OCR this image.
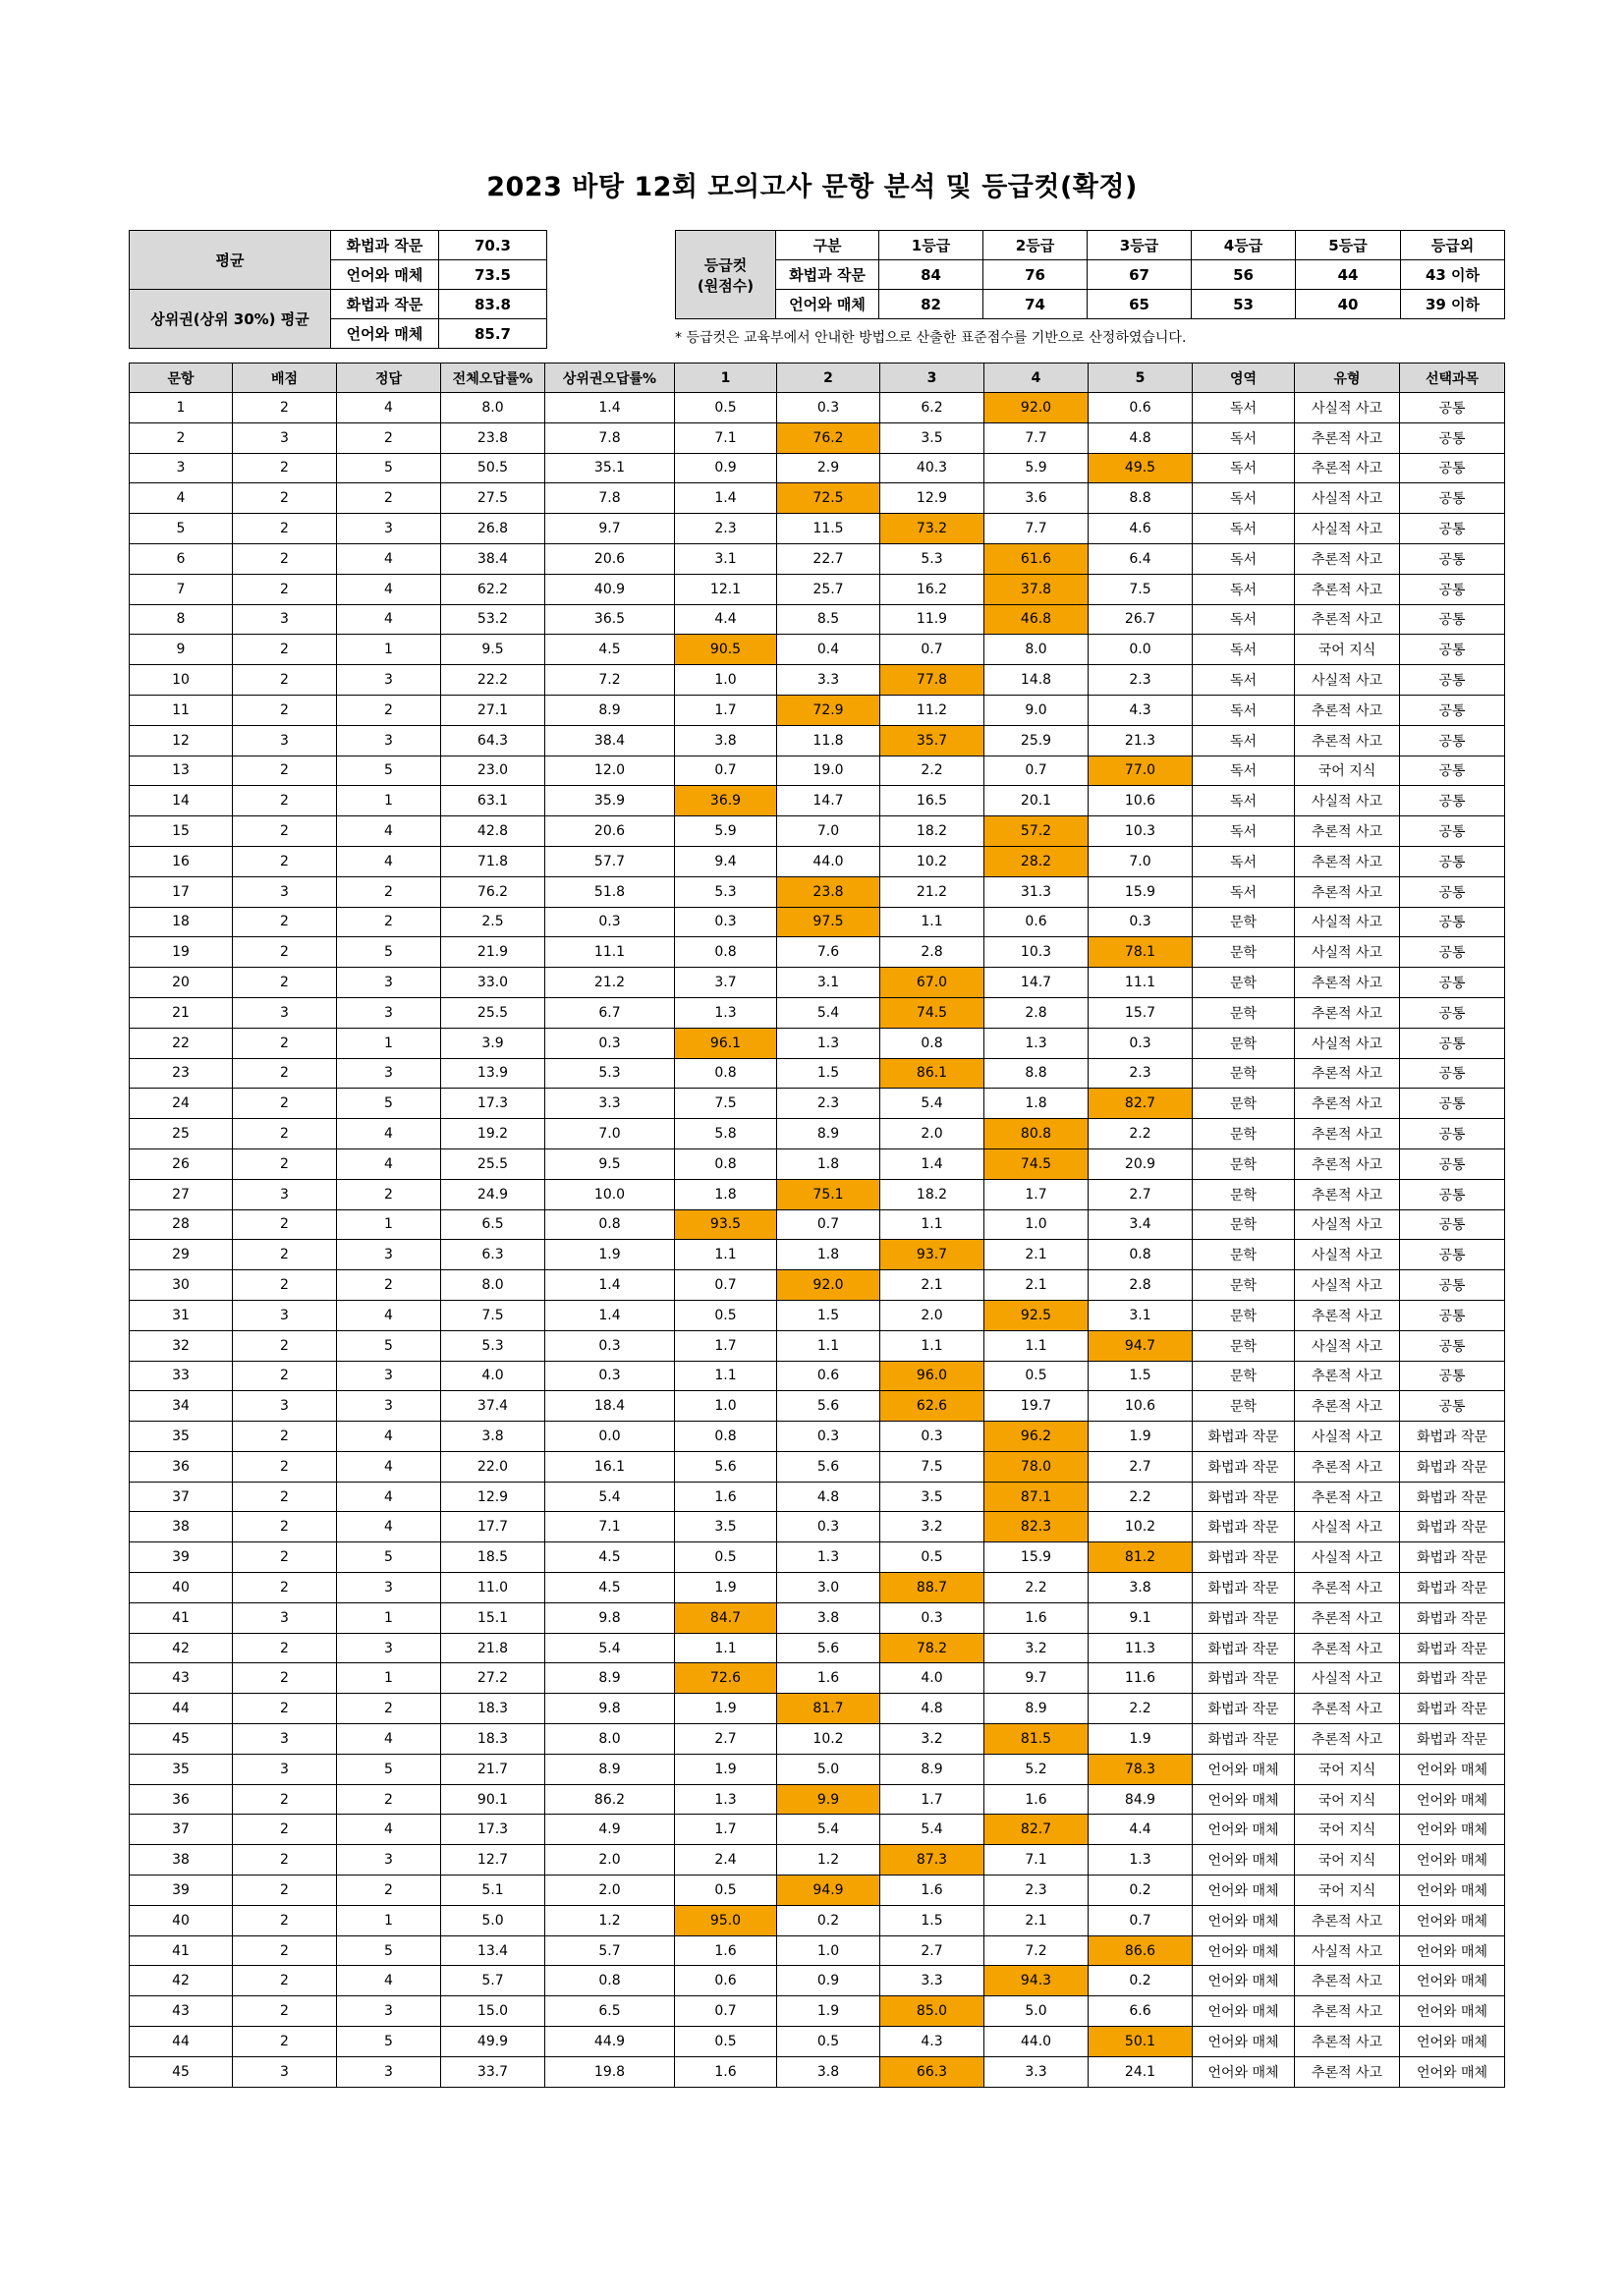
2023 바탕 12회 모의고사 문항 분석 및 등급컷(확정)
평균	화법과 작문	70.3
	언어와 매체	73.5
상위권(상위 30%) 평균	화법과 작문	83.8
	언어와 매체	85.7
등급컷
(원점수)	구분	1등급	2등급	3등급	4등급	5등급	등급외
	화법과 작문	84	76	67	56	44	43 이하
	언어와 매체	82	74	65	53	40	39 이하
* 등급컷은 교육부에서 안내한 방법으로 산출한 표준점수를 기반으로 산정하였습니다.
문항	배점	정답	전체오답률%	상위권오답률%	1	2	3	4	5	영역	유형	선택과목
1	2	4	8.0	1.4	0.5	0.3	6.2	92.0	0.6	독서	사실적 사고	공통
2	3	2	23.8	7.8	7.1	76.2	3.5	7.7	4.8	독서	추론적 사고	공통
3	2	5	50.5	35.1	0.9	2.9	40.3	5.9	49.5	독서	추론적 사고	공통
4	2	2	27.5	7.8	1.4	72.5	12.9	3.6	8.8	독서	사실적 사고	공통
5	2	3	26.8	9.7	2.3	11.5	73.2	7.7	4.6	독서	사실적 사고	공통
6	2	4	38.4	20.6	3.1	22.7	5.3	61.6	6.4	독서	추론적 사고	공통
7	2	4	62.2	40.9	12.1	25.7	16.2	37.8	7.5	독서	추론적 사고	공통
8	3	4	53.2	36.5	4.4	8.5	11.9	46.8	26.7	독서	추론적 사고	공통
9	2	1	9.5	4.5	90.5	0.4	0.7	8.0	0.0	독서	국어 지식	공통
10	2	3	22.2	7.2	1.0	3.3	77.8	14.8	2.3	독서	사실적 사고	공통
11	2	2	27.1	8.9	1.7	72.9	11.2	9.0	4.3	독서	추론적 사고	공통
12	3	3	64.3	38.4	3.8	11.8	35.7	25.9	21.3	독서	추론적 사고	공통
13	2	5	23.0	12.0	0.7	19.0	2.2	0.7	77.0	독서	국어 지식	공통
14	2	1	63.1	35.9	36.9	14.7	16.5	20.1	10.6	독서	사실적 사고	공통
15	2	4	42.8	20.6	5.9	7.0	18.2	57.2	10.3	독서	추론적 사고	공통
16	2	4	71.8	57.7	9.4	44.0	10.2	28.2	7.0	독서	추론적 사고	공통
17	3	2	76.2	51.8	5.3	23.8	21.2	31.3	15.9	독서	추론적 사고	공통
18	2	2	2.5	0.3	0.3	97.5	1.1	0.6	0.3	문학	사실적 사고	공통
19	2	5	21.9	11.1	0.8	7.6	2.8	10.3	78.1	문학	사실적 사고	공통
20	2	3	33.0	21.2	3.7	3.1	67.0	14.7	11.1	문학	추론적 사고	공통
21	3	3	25.5	6.7	1.3	5.4	74.5	2.8	15.7	문학	추론적 사고	공통
22	2	1	3.9	0.3	96.1	1.3	0.8	1.3	0.3	문학	사실적 사고	공통
23	2	3	13.9	5.3	0.8	1.5	86.1	8.8	2.3	문학	추론적 사고	공통
24	2	5	17.3	3.3	7.5	2.3	5.4	1.8	82.7	문학	추론적 사고	공통
25	2	4	19.2	7.0	5.8	8.9	2.0	80.8	2.2	문학	추론적 사고	공통
26	2	4	25.5	9.5	0.8	1.8	1.4	74.5	20.9	문학	추론적 사고	공통
27	3	2	24.9	10.0	1.8	75.1	18.2	1.7	2.7	문학	추론적 사고	공통
28	2	1	6.5	0.8	93.5	0.7	1.1	1.0	3.4	문학	사실적 사고	공통
29	2	3	6.3	1.9	1.1	1.8	93.7	2.1	0.8	문학	사실적 사고	공통
30	2	2	8.0	1.4	0.7	92.0	2.1	2.1	2.8	문학	사실적 사고	공통
31	3	4	7.5	1.4	0.5	1.5	2.0	92.5	3.1	문학	추론적 사고	공통
32	2	5	5.3	0.3	1.7	1.1	1.1	1.1	94.7	문학	사실적 사고	공통
33	2	3	4.0	0.3	1.1	0.6	96.0	0.5	1.5	문학	추론적 사고	공통
34	3	3	37.4	18.4	1.0	5.6	62.6	19.7	10.6	문학	추론적 사고	공통
35	2	4	3.8	0.0	0.8	0.3	0.3	96.2	1.9	화법과 작문	사실적 사고	화법과 작문
36	2	4	22.0	16.1	5.6	5.6	7.5	78.0	2.7	화법과 작문	추론적 사고	화법과 작문
37	2	4	12.9	5.4	1.6	4.8	3.5	87.1	2.2	화법과 작문	추론적 사고	화법과 작문
38	2	4	17.7	7.1	3.5	0.3	3.2	82.3	10.2	화법과 작문	사실적 사고	화법과 작문
39	2	5	18.5	4.5	0.5	1.3	0.5	15.9	81.2	화법과 작문	사실적 사고	화법과 작문
40	2	3	11.0	4.5	1.9	3.0	88.7	2.2	3.8	화법과 작문	추론적 사고	화법과 작문
41	3	1	15.1	9.8	84.7	3.8	0.3	1.6	9.1	화법과 작문	추론적 사고	화법과 작문
42	2	3	21.8	5.4	1.1	5.6	78.2	3.2	11.3	화법과 작문	추론적 사고	화법과 작문
43	2	1	27.2	8.9	72.6	1.6	4.0	9.7	11.6	화법과 작문	사실적 사고	화법과 작문
44	2	2	18.3	9.8	1.9	81.7	4.8	8.9	2.2	화법과 작문	추론적 사고	화법과 작문
45	3	4	18.3	8.0	2.7	10.2	3.2	81.5	1.9	화법과 작문	추론적 사고	화법과 작문
35	3	5	21.7	8.9	1.9	5.0	8.9	5.2	78.3	언어와 매체	국어 지식	언어와 매체
36	2	2	90.1	86.2	1.3	9.9	1.7	1.6	84.9	언어와 매체	국어 지식	언어와 매체
37	2	4	17.3	4.9	1.7	5.4	5.4	82.7	4.4	언어와 매체	국어 지식	언어와 매체
38	2	3	12.7	2.0	2.4	1.2	87.3	7.1	1.3	언어와 매체	국어 지식	언어와 매체
39	2	2	5.1	2.0	0.5	94.9	1.6	2.3	0.2	언어와 매체	국어 지식	언어와 매체
40	2	1	5.0	1.2	95.0	0.2	1.5	2.1	0.7	언어와 매체	추론적 사고	언어와 매체
41	2	5	13.4	5.7	1.6	1.0	2.7	7.2	86.6	언어와 매체	사실적 사고	언어와 매체
42	2	4	5.7	0.8	0.6	0.9	3.3	94.3	0.2	언어와 매체	추론적 사고	언어와 매체
43	2	3	15.0	6.5	0.7	1.9	85.0	5.0	6.6	언어와 매체	추론적 사고	언어와 매체
44	2	5	49.9	44.9	0.5	0.5	4.3	44.0	50.1	언어와 매체	추론적 사고	언어와 매체
45	3	3	33.7	19.8	1.6	3.8	66.3	3.3	24.1	언어와 매체	추론적 사고	언어와 매체
